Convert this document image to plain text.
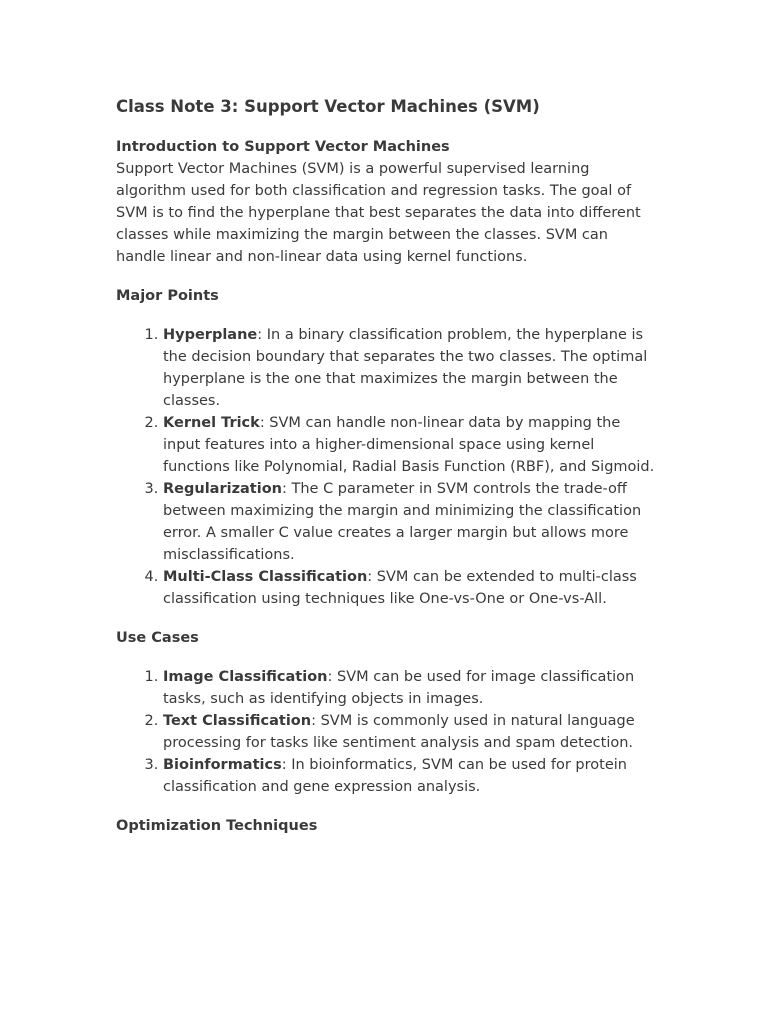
Class Note 3: Support Vector Machines (SVM)
Introduction to Support Vector Machines

Support Vector Machines (SVM) is a powerful supervised learning algorithm used for both classification and regression tasks. The goal of SVM is to find the hyperplane that best separates the data into different classes while maximizing the margin between the classes. SVM can handle linear and non-linear data using kernel functions.

Major Points
1. Hyperplane: In a binary classification problem, the hyperplane is the decision boundary that separates the two classes. The optimal hyperplane is the one that maximizes the margin between the classes.
2. Kernel Trick: SVM can handle non-linear data by mapping the input features into a higher-dimensional space using kernel functions like Polynomial, Radial Basis Function (RBF), and Sigmoid.
3. Regularization: The C parameter in SVM controls the trade-off between maximizing the margin and minimizing the classification error. A smaller C value creates a larger margin but allows more misclassifications.
4. Multi-Class Classification: SVM can be extended to multi-class classification using techniques like One-vs-One or One-vs-All.
Use Cases
1. Image Classification: SVM can be used for image classification tasks, such as identifying objects in images.
2. Text Classification: SVM is commonly used in natural language processing for tasks like sentiment analysis and spam detection.
3. Bioinformatics: In bioinformatics, SVM can be used for protein classification and gene expression analysis.
Optimization Techniques
